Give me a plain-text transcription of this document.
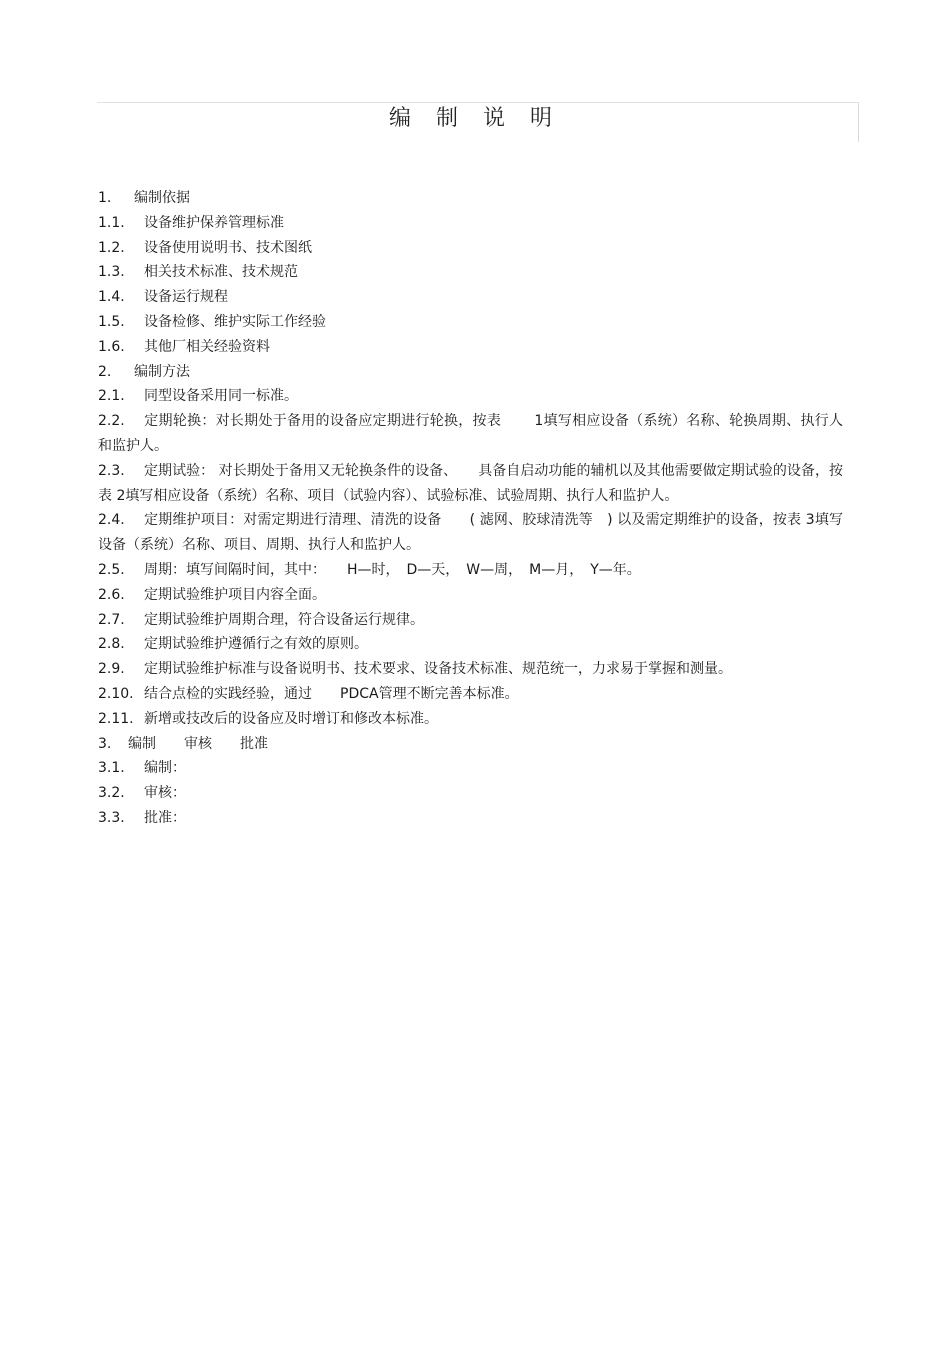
编 制 说 明
1. 编制依据
1.1. 设备维护保养管理标准
1.2. 设备使用说明书、技术图纸
1.3. 相关技术标准、技术规范
1.4. 设备运行规程
1.5. 设备检修、维护实际工作经验
1.6. 其他厂相关经验资料
2. 编制方法
2.1. 同型设备采用同一标准。
2.2. 定期轮换：对长期处于备用的设备应定期进行轮换，按表　　 1填写相应设备（系统）名称、轮换周期、执行人和监护人。
2.3. 定期试验： 对长期处于备用又无轮换条件的设备、　　具备自启动功能的辅机以及其他需要做定期试验的设备，按表 2填写相应设备（系统）名称、项目（试验内容）、试验标准、试验周期、执行人和监护人。
2.4. 定期维护项目：对需定期进行清理、清洗的设备　　( 滤网、胶球清洗等　) 以及需定期维护的设备，按表 3填写设备（系统）名称、项目、周期、执行人和监护人。
2.5. 周期：填写间隔时间，其中：　　H—时，　D—天，　W—周，　M—月，　Y—年。
2.6. 定期试验维护项目内容全面。
2.7. 定期试验维护周期合理，符合设备运行规律。
2.8. 定期试验维护遵循行之有效的原则。
2.9. 定期试验维护标准与设备说明书、技术要求、设备技术标准、规范统一，力求易于掌握和测量。
2.10. 结合点检的实践经验，通过　　PDCA管理不断完善本标准。
2.11. 新增或技改后的设备应及时增订和修改本标准。
3. 编制　　审核　　批准
3.1. 编制：
3.2. 审核：
3.3. 批准：
